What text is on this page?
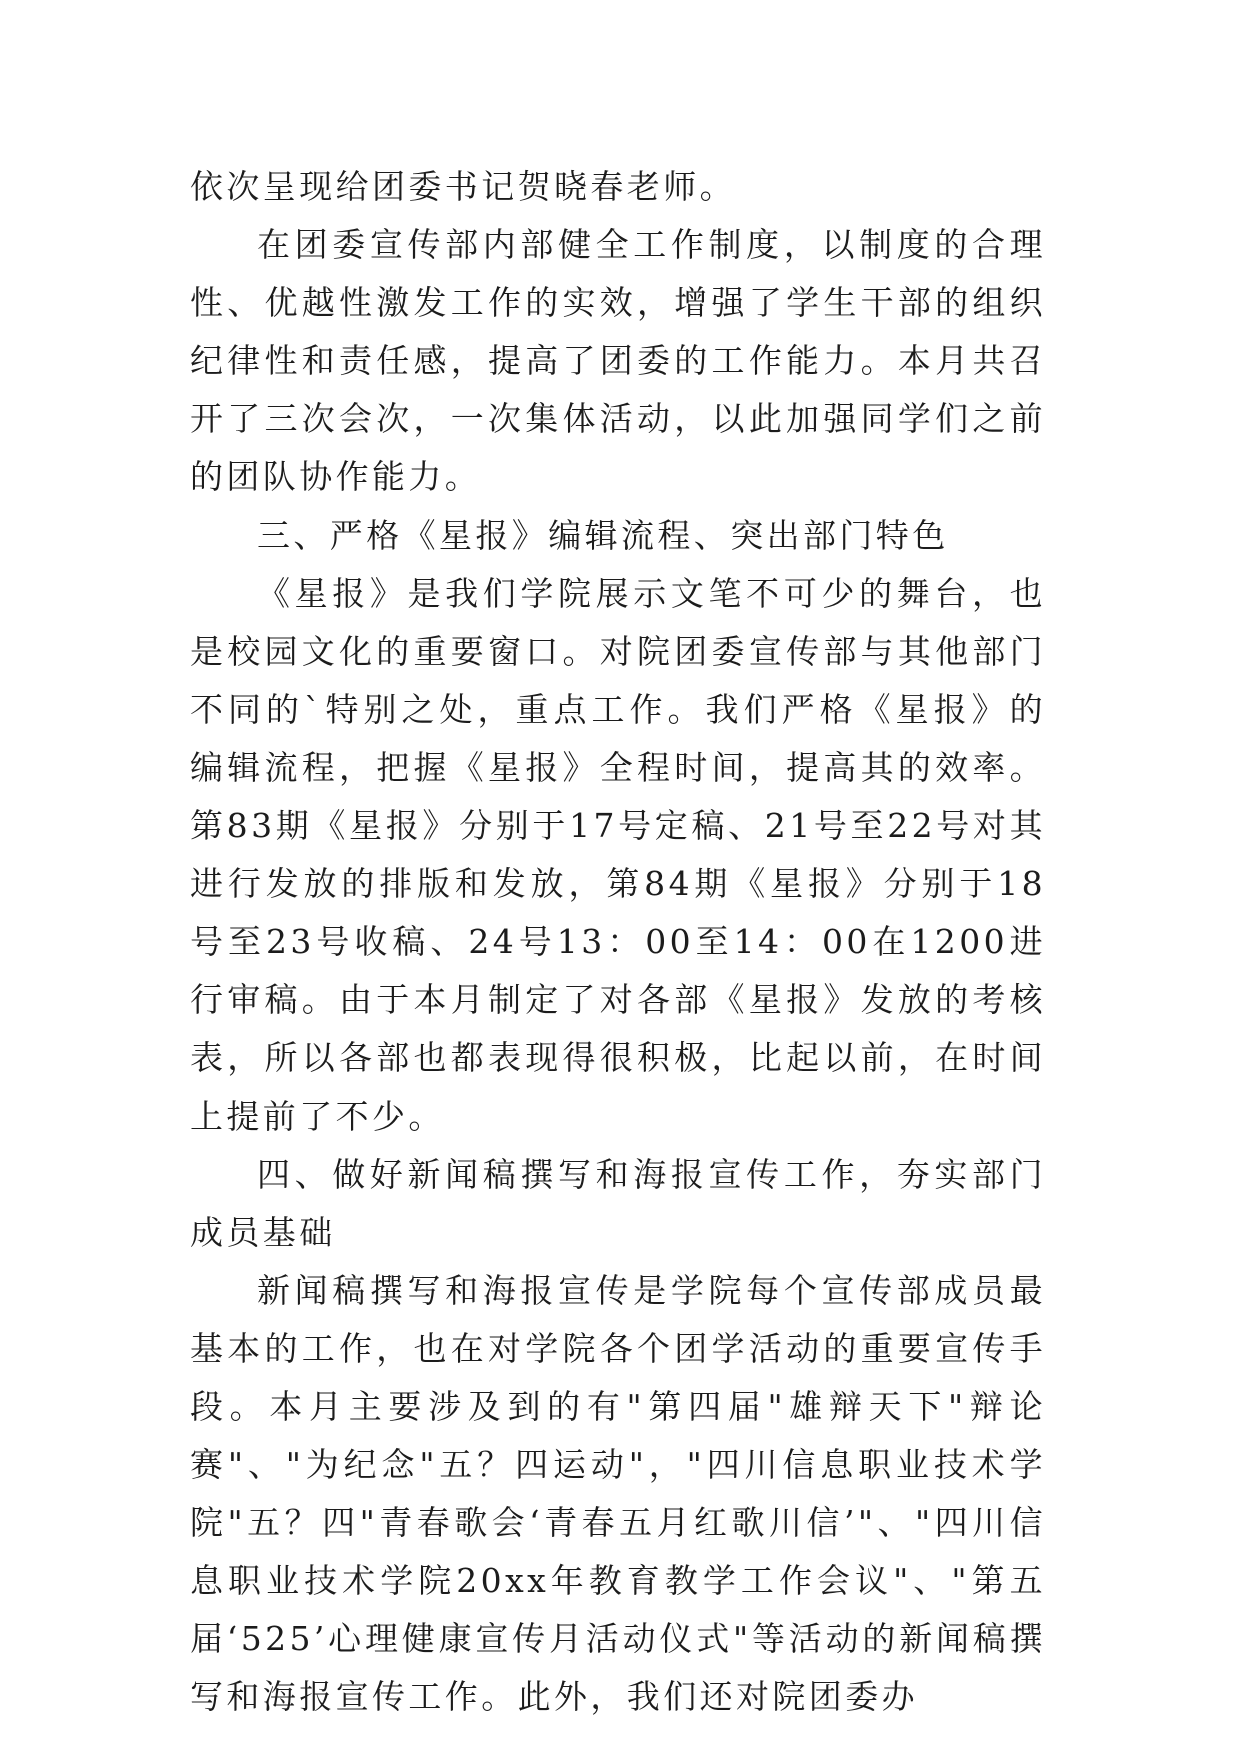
依次呈现给团委书记贺晓春老师。

在团委宣传部内部健全工作制度，以制度的合理性、优越性激发工作的实效，增强了学生干部的组织纪律性和责任感，提高了团委的工作能力。本月共召开了三次会次，一次集体活动，以此加强同学们之前的团队协作能力。

三、严格《星报》编辑流程、突出部门特色

《星报》是我们学院展示文笔不可少的舞台，也是校园文化的重要窗口。对院团委宣传部与其他部门不同的`特别之处，重点工作。我们严格《星报》的编辑流程，把握《星报》全程时间，提高其的效率。第83期《星报》分别于17号定稿、21号至22号对其进行发放的排版和发放，第84期《星报》分别于18号至23号收稿、24号13：00至14：00在1200进行审稿。由于本月制定了对各部《星报》发放的考核表，所以各部也都表现得很积极，比起以前，在时间上提前了不少。

四、做好新闻稿撰写和海报宣传工作，夯实部门成员基础

新闻稿撰写和海报宣传是学院每个宣传部成员最基本的工作，也在对学院各个团学活动的重要宣传手段。本月主要涉及到的有"第四届"雄辩天下"辩论赛"、"为纪念"五？四运动"，"四川信息职业技术学院"五？四"青春歌会‘青春五月红歌川信’"、"四川信息职业技术学院20xx年教育教学工作会议"、"第五届‘525’心理健康宣传月活动仪式"等活动的新闻稿撰写和海报宣传工作。此外，我们还对院团委办
